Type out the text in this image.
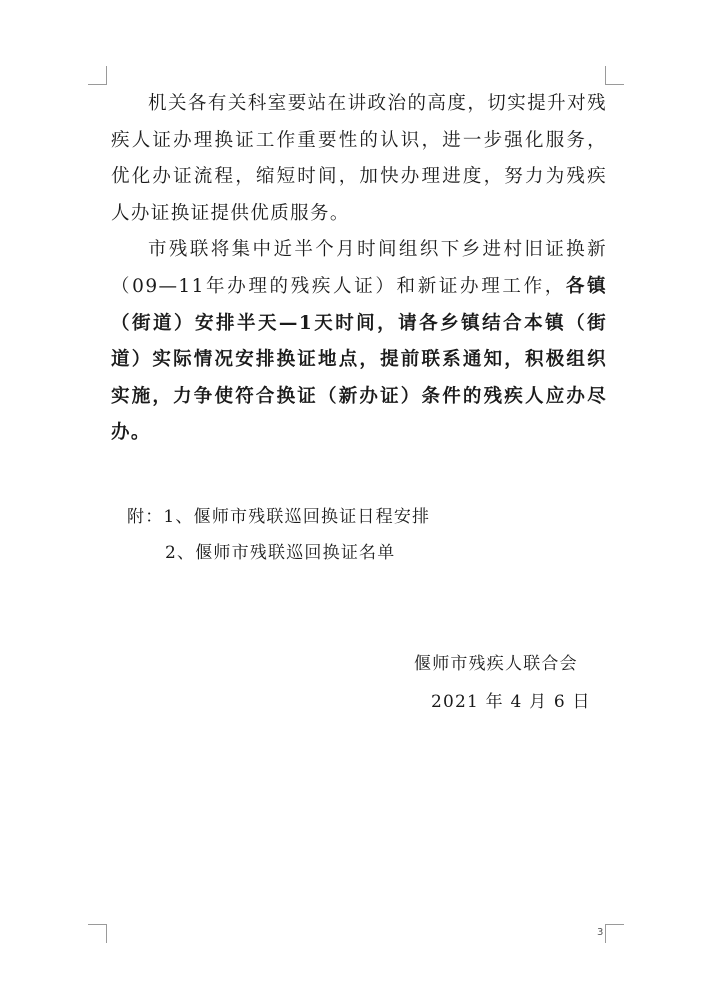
机关各有关科室要站在讲政治的高度，切实提升对残疾人证办理换证工作重要性的认识，进一步强化服务，优化办证流程，缩短时间，加快办理进度，努力为残疾人办证换证提供优质服务。

市残联将集中近半个月时间组织下乡进村旧证换新（09—11年办理的残疾人证）和新证办理工作，各镇（街道）安排半天—1天时间，请各乡镇结合本镇（街道）实际情况安排换证地点，提前联系通知，积极组织实施，力争使符合换证（新办证）条件的残疾人应办尽办。

附：1、偃师市残联巡回换证日程安排
2、偃师市残联巡回换证名单
偃师市残疾人联合会
2021 年 4 月 6 日
3
